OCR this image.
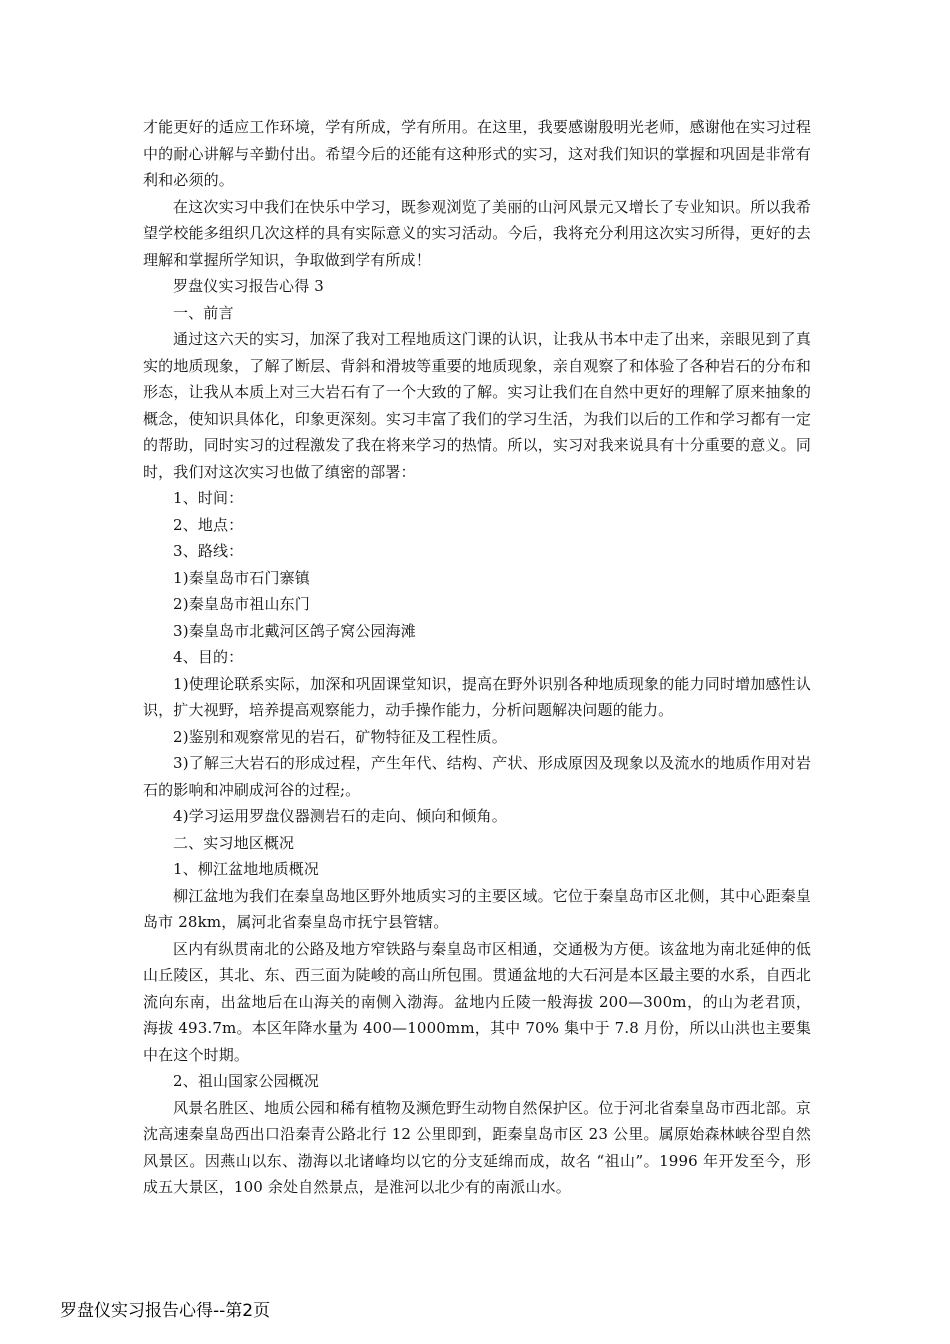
才能更好的适应工作环境，学有所成，学有所用。在这里，我要感谢殷明光老师，感谢他在实习过程中的耐心讲解与辛勤付出。希望今后的还能有这种形式的实习，这对我们知识的掌握和巩固是非常有利和必须的。

在这次实习中我们在快乐中学习，既参观浏览了美丽的山河风景元又增长了专业知识。所以我希望学校能多组织几次这样的具有实际意义的实习活动。今后，我将充分利用这次实习所得，更好的去理解和掌握所学知识，争取做到学有所成！

罗盘仪实习报告心得 3

一、前言

通过这六天的实习，加深了我对工程地质这门课的认识，让我从书本中走了出来，亲眼见到了真实的地质现象，了解了断层、背斜和滑坡等重要的地质现象，亲自观察了和体验了各种岩石的分布和形态，让我从本质上对三大岩石有了一个大致的了解。实习让我们在自然中更好的理解了原来抽象的概念，使知识具体化，印象更深刻。实习丰富了我们的学习生活，为我们以后的工作和学习都有一定的帮助，同时实习的过程激发了我在将来学习的热情。所以，实习对我来说具有十分重要的意义。同时，我们对这次实习也做了缜密的部署：

1、时间：

2、地点：

3、路线：

1)秦皇岛市石门寨镇

2)秦皇岛市祖山东门

3)秦皇岛市北戴河区鸽子窝公园海滩

4、目的：

1)使理论联系实际，加深和巩固课堂知识，提高在野外识别各种地质现象的能力同时增加感性认识，扩大视野，培养提高观察能力，动手操作能力，分析问题解决问题的能力。

2)鉴别和观察常见的岩石，矿物特征及工程性质。

3)了解三大岩石的形成过程，产生年代、结构、产状、形成原因及现象以及流水的地质作用对岩石的影响和冲刷成河谷的过程;。

4)学习运用罗盘仪器测岩石的走向、倾向和倾角。

二、实习地区概况

1、柳江盆地地质概况

柳江盆地为我们在秦皇岛地区野外地质实习的主要区域。它位于秦皇岛市区北侧，其中心距秦皇岛市 28km，属河北省秦皇岛市抚宁县管辖。

区内有纵贯南北的公路及地方窄铁路与秦皇岛市区相通，交通极为方便。该盆地为南北延伸的低山丘陵区，其北、东、西三面为陡峻的高山所包围。贯通盆地的大石河是本区最主要的水系，自西北流向东南，出盆地后在山海关的南侧入渤海。盆地内丘陵一般海拔 200—300m，的山为老君顶，海拔 493.7m。本区年降水量为 400—1000mm，其中 70% 集中于 7.8 月份，所以山洪也主要集中在这个时期。

2、祖山国家公园概况

风景名胜区、地质公园和稀有植物及濒危野生动物自然保护区。位于河北省秦皇岛市西北部。京沈高速秦皇岛西出口沿秦青公路北行 12 公里即到，距秦皇岛市区 23 公里。属原始森林峡谷型自然风景区。因燕山以东、渤海以北诸峰均以它的分支延绵而成，故名 “祖山”。1996 年开发至今，形成五大景区，100 余处自然景点，是淮河以北少有的南派山水。

罗盘仪实习报告心得--第2页
